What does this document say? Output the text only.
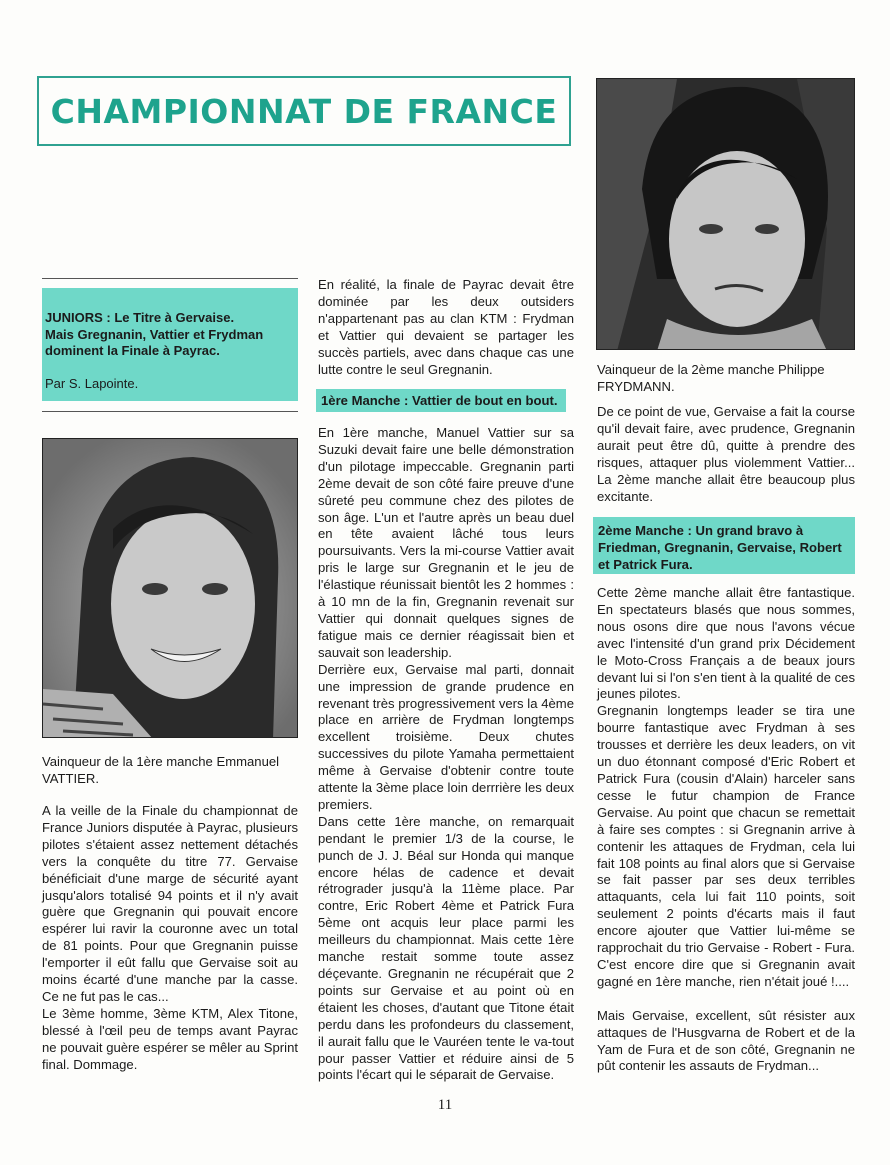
CHAMPIONNAT DE FRANCE
JUNIORS : Le Titre à Gervaise.
Mais Gregnanin, Vattier et Frydman
dominent la Finale à Payrac.
Par S. Lapointe.
Vainqueur de la 1ère manche Emmanuel
VATTIER.

A la veille de la Finale du championnat de France Juniors disputée à Payrac, plusieurs pilotes s'étaient assez nettement détachés vers la conquête du titre 77. Gervaise bénéficiait d'une marge de sécurité ayant jusqu'alors totalisé 94 points et il n'y avait guère que Gregnanin qui pouvait encore espérer lui ravir la couronne avec un total de 81 points. Pour que Gregnanin puisse l'emporter il eût fallu que Gervaise soit au moins écarté d'une manche par la casse. Ce ne fut pas le cas...

Le 3ème homme, 3ème KTM, Alex Titone, blessé à l'œil peu de temps avant Payrac ne pouvait guère espérer se mêler au Sprint final. Dommage.

En réalité, la finale de Payrac devait être dominée par les deux outsiders n'appartenant pas au clan KTM : Frydman et Vattier qui devaient se partager les succès partiels, avec dans chaque cas une lutte contre le seul Gregnanin.

1ère Manche : Vattier de bout en bout.

En 1ère manche, Manuel Vattier sur sa Suzuki devait faire une belle démonstration d'un pilotage impeccable. Gregnanin parti 2ème devait de son côté faire preuve d'une sûreté peu commune chez des pilotes de son âge. L'un et l'autre après un beau duel en tête avaient lâché tous leurs poursuivants. Vers la mi-course Vattier avait pris le large sur Gregnanin et le jeu de l'élastique réunissait bientôt les 2 hommes : à 10 mn de la fin, Gregnanin revenait sur Vattier qui donnait quelques signes de fatigue mais ce dernier réagissait bien et sauvait son leadership.

Derrière eux, Gervaise mal parti, donnait une impression de grande prudence en revenant très progressivement vers la 4ème place en arrière de Frydman longtemps excellent troisième. Deux chutes successives du pilote Yamaha permettaient même à Gervaise d'obtenir contre toute attente la 3ème place loin derrrière les deux premiers.

Dans cette 1ère manche, on remarquait pendant le premier 1/3 de la course, le punch de J. J. Béal sur Honda qui manque encore hélas de cadence et devait rétrograder jusqu'à la 11ème place. Par contre, Eric Robert 4ème et Patrick Fura 5ème ont acquis leur place parmi les meilleurs du championnat. Mais cette 1ère manche restait somme toute assez déçevante. Gregnanin ne récupérait que 2 points sur Gervaise et au point où en étaient les choses, d'autant que Titone était perdu dans les profondeurs du classement, il aurait fallu que le Vauréen tente le va-tout pour passer Vattier et réduire ainsi de 5 points l'écart qui le séparait de Gervaise.

Vainqueur de la 2ème manche Philippe
FRYDMANN.

De ce point de vue, Gervaise a fait la course qu'il devait faire, avec prudence, Gregnanin aurait peut être dû, quitte à prendre des risques, attaquer plus violemment Vattier... La 2ème manche allait être beaucoup plus excitante.

2ème Manche : Un grand bravo à Friedman, Gregnanin, Gervaise, Robert et Patrick Fura.

Cette 2ème manche allait être fantastique. En spectateurs blasés que nous sommes, nous osons dire que nous l'avons vécue avec l'intensité d'un grand prix Décidement le Moto-Cross Français a de beaux jours devant lui si l'on s'en tient à la qualité de ces jeunes pilotes.

Gregnanin longtemps leader se tira une bourre fantastique avec Frydman à ses trousses et derrière les deux leaders, on vit un duo étonnant composé d'Eric Robert et Patrick Fura (cousin d'Alain) harceler sans cesse le futur champion de France Gervaise. Au point que chacun se remettait à faire ses comptes : si Gregnanin arrive à contenir les attaques de Frydman, cela lui fait 108 points au final alors que si Gervaise se fait passer par ses deux terribles attaquants, cela lui fait 110 points, soit seulement 2 points d'écarts mais il faut encore ajouter que Vattier lui-même se rapprochait du trio Gervaise - Robert - Fura. C'est encore dire que si Gregnanin avait gagné en 1ère manche, rien n'était joué !....

Mais Gervaise, excellent, sût résister aux attaques de l'Husgvarna de Robert et de la Yam de Fura et de son côté, Gregnanin ne pût contenir les assauts de Frydman...

11
